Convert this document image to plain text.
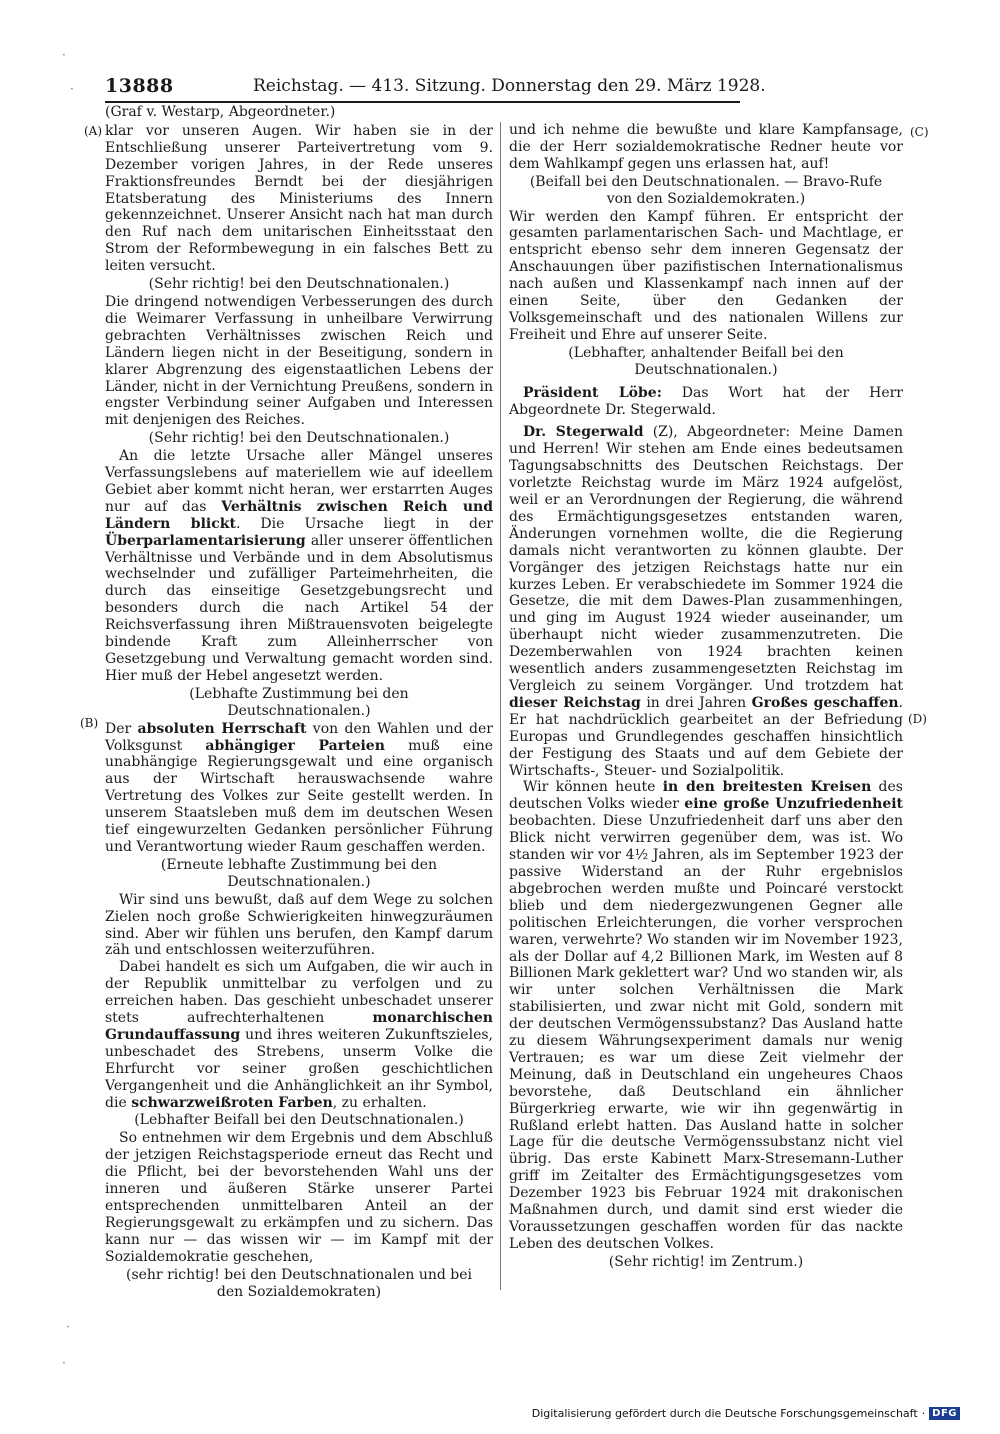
13888	Reichstag. — 413. Sitzung. Donnerstag den 29. März 1928.
·
·
·
·
(A)
(B)
(C)
(D)

(Graf v. Westarp, Abgeordneter.)

klar vor unseren Augen. Wir haben sie in der Entschließung unserer Parteivertretung vom 9. Dezember vorigen Jahres, in der Rede unseres Fraktionsfreundes Berndt bei der diesjährigen Etatsberatung des Ministeriums des Innern gekennzeichnet. Unserer Ansicht nach hat man durch den Ruf nach dem unitarischen Einheitsstaat den Strom der Reformbewegung in ein falsches Bett zu leiten versucht.

(Sehr richtig! bei den Deutschnationalen.)

Die dringend notwendigen Verbesserungen des durch die Weimarer Verfassung in unheilbare Verwirrung gebrachten Verhältnisses zwischen Reich und Ländern liegen nicht in der Beseitigung, sondern in klarer Abgrenzung des eigenstaatlichen Lebens der Länder, nicht in der Vernichtung Preußens, sondern in engster Verbindung seiner Aufgaben und Interessen mit denjenigen des Reiches.

(Sehr richtig! bei den Deutschnationalen.)

An die letzte Ursache aller Mängel unseres Verfassungslebens auf materiellem wie auf ideellem Gebiet aber kommt nicht heran, wer erstarrten Auges nur auf das Verhältnis zwischen Reich und Ländern blickt. Die Ursache liegt in der Überparlamentarisierung aller unserer öffentlichen Verhältnisse und Verbände und in dem Absolutismus wechselnder und zufälliger Parteimehrheiten, die durch das einseitige Gesetzgebungsrecht und besonders durch die nach Artikel 54 der Reichsverfassung ihren Mißtrauensvoten beigelegte bindende Kraft zum Alleinherrscher von Gesetzgebung und Verwaltung gemacht worden sind. Hier muß der Hebel angesetzt werden.

(Lebhafte Zustimmung bei den Deutschnationalen.)

Der absoluten Herrschaft von den Wahlen und der Volksgunst abhängiger Parteien muß eine unabhängige Regierungsgewalt und eine organisch aus der Wirtschaft herauswachsende wahre Vertretung des Volkes zur Seite gestellt werden. In unserem Staatsleben muß dem im deutschen Wesen tief eingewurzelten Gedanken persönlicher Führung und Verantwortung wieder Raum geschaffen werden.

(Erneute lebhafte Zustimmung bei den Deutschnationalen.)

Wir sind uns bewußt, daß auf dem Wege zu solchen Zielen noch große Schwierigkeiten hinwegzuräumen sind. Aber wir fühlen uns berufen, den Kampf darum zäh und entschlossen weiterzuführen.

Dabei handelt es sich um Aufgaben, die wir auch in der Republik unmittelbar zu verfolgen und zu erreichen haben. Das geschieht unbeschadet unserer stets aufrechterhaltenen monarchischen Grundauffassung und ihres weiteren Zukunftszieles, unbeschadet des Strebens, unserm Volke die Ehrfurcht vor seiner großen geschichtlichen Vergangenheit und die Anhänglichkeit an ihr Symbol, die schwarzweißroten Farben, zu erhalten.

(Lebhafter Beifall bei den Deutschnationalen.)

So entnehmen wir dem Ergebnis und dem Abschluß der jetzigen Reichstagsperiode erneut das Recht und die Pflicht, bei der bevorstehenden Wahl uns der inneren und äußeren Stärke unserer Partei entsprechenden unmittelbaren Anteil an der Regierungsgewalt zu erkämpfen und zu sichern. Das kann nur — das wissen wir — im Kampf mit der Sozialdemokratie geschehen,

(sehr richtig! bei den Deutschnationalen und bei den Sozialdemokraten)

und ich nehme die bewußte und klare Kampfansage, die der Herr sozialdemokratische Redner heute vor dem Wahlkampf gegen uns erlassen hat, auf!

(Beifall bei den Deutschnationalen. — Bravo-Rufe von den Sozialdemokraten.)

Wir werden den Kampf führen. Er entspricht der gesamten parlamentarischen Sach- und Machtlage, er entspricht ebenso sehr dem inneren Gegensatz der Anschauungen über pazifistischen Internationalismus nach außen und Klassenkampf nach innen auf der einen Seite, über den Gedanken der Volksgemeinschaft und des nationalen Willens zur Freiheit und Ehre auf unserer Seite.

(Lebhafter, anhaltender Beifall bei den Deutschnationalen.)

Präsident Löbe: Das Wort hat der Herr Abgeordnete Dr. Stegerwald.

Dr. Stegerwald (Z), Abgeordneter: Meine Damen und Herren! Wir stehen am Ende eines bedeutsamen Tagungsabschnitts des Deutschen Reichstags. Der vorletzte Reichstag wurde im März 1924 aufgelöst, weil er an Verordnungen der Regierung, die während des Ermächtigungsgesetzes entstanden waren, Änderungen vornehmen wollte, die die Regierung damals nicht verantworten zu können glaubte. Der Vorgänger des jetzigen Reichstags hatte nur ein kurzes Leben. Er verabschiedete im Sommer 1924 die Gesetze, die mit dem Dawes-Plan zusammenhingen, und ging im August 1924 wieder auseinander, um überhaupt nicht wieder zusammenzutreten. Die Dezemberwahlen von 1924 brachten keinen wesentlich anders zusammengesetzten Reichstag im Vergleich zu seinem Vorgänger. Und trotzdem hat dieser Reichstag in drei Jahren Großes geschaffen. Er hat nachdrücklich gearbeitet an der Befriedung Europas und Grundlegendes geschaffen hinsichtlich der Festigung des Staats und auf dem Gebiete der Wirtschafts-, Steuer- und Sozialpolitik.

Wir können heute in den breitesten Kreisen des deutschen Volks wieder eine große Unzufriedenheit beobachten. Diese Unzufriedenheit darf uns aber den Blick nicht verwirren gegenüber dem, was ist. Wo standen wir vor 4½ Jahren, als im September 1923 der passive Widerstand an der Ruhr ergebnislos abgebrochen werden mußte und Poincaré verstockt blieb und dem niedergezwungenen Gegner alle politischen Erleichterungen, die vorher versprochen waren, verwehrte? Wo standen wir im November 1923, als der Dollar auf 4,2 Billionen Mark, im Westen auf 8 Billionen Mark geklettert war? Und wo standen wir, als wir unter solchen Verhältnissen die Mark stabilisierten, und zwar nicht mit Gold, sondern mit der deutschen Vermögenssubstanz? Das Ausland hatte zu diesem Währungsexperiment damals nur wenig Vertrauen; es war um diese Zeit vielmehr der Meinung, daß in Deutschland ein ungeheures Chaos bevorstehe, daß Deutschland ein ähnlicher Bürgerkrieg erwarte, wie wir ihn gegenwärtig in Rußland erlebt hatten. Das Ausland hatte in solcher Lage für die deutsche Vermögenssubstanz nicht viel übrig. Das erste Kabinett Marx-Stresemann-Luther griff im Zeitalter des Ermächtigungsgesetzes vom Dezember 1923 bis Februar 1924 mit drakonischen Maßnahmen durch, und damit sind erst wieder die Voraussetzungen geschaffen worden für das nackte Leben des deutschen Volkes.

(Sehr richtig! im Zentrum.)

Digitalisierung gefördert durch die Deutsche Forschungsgemeinschaft · DFG
